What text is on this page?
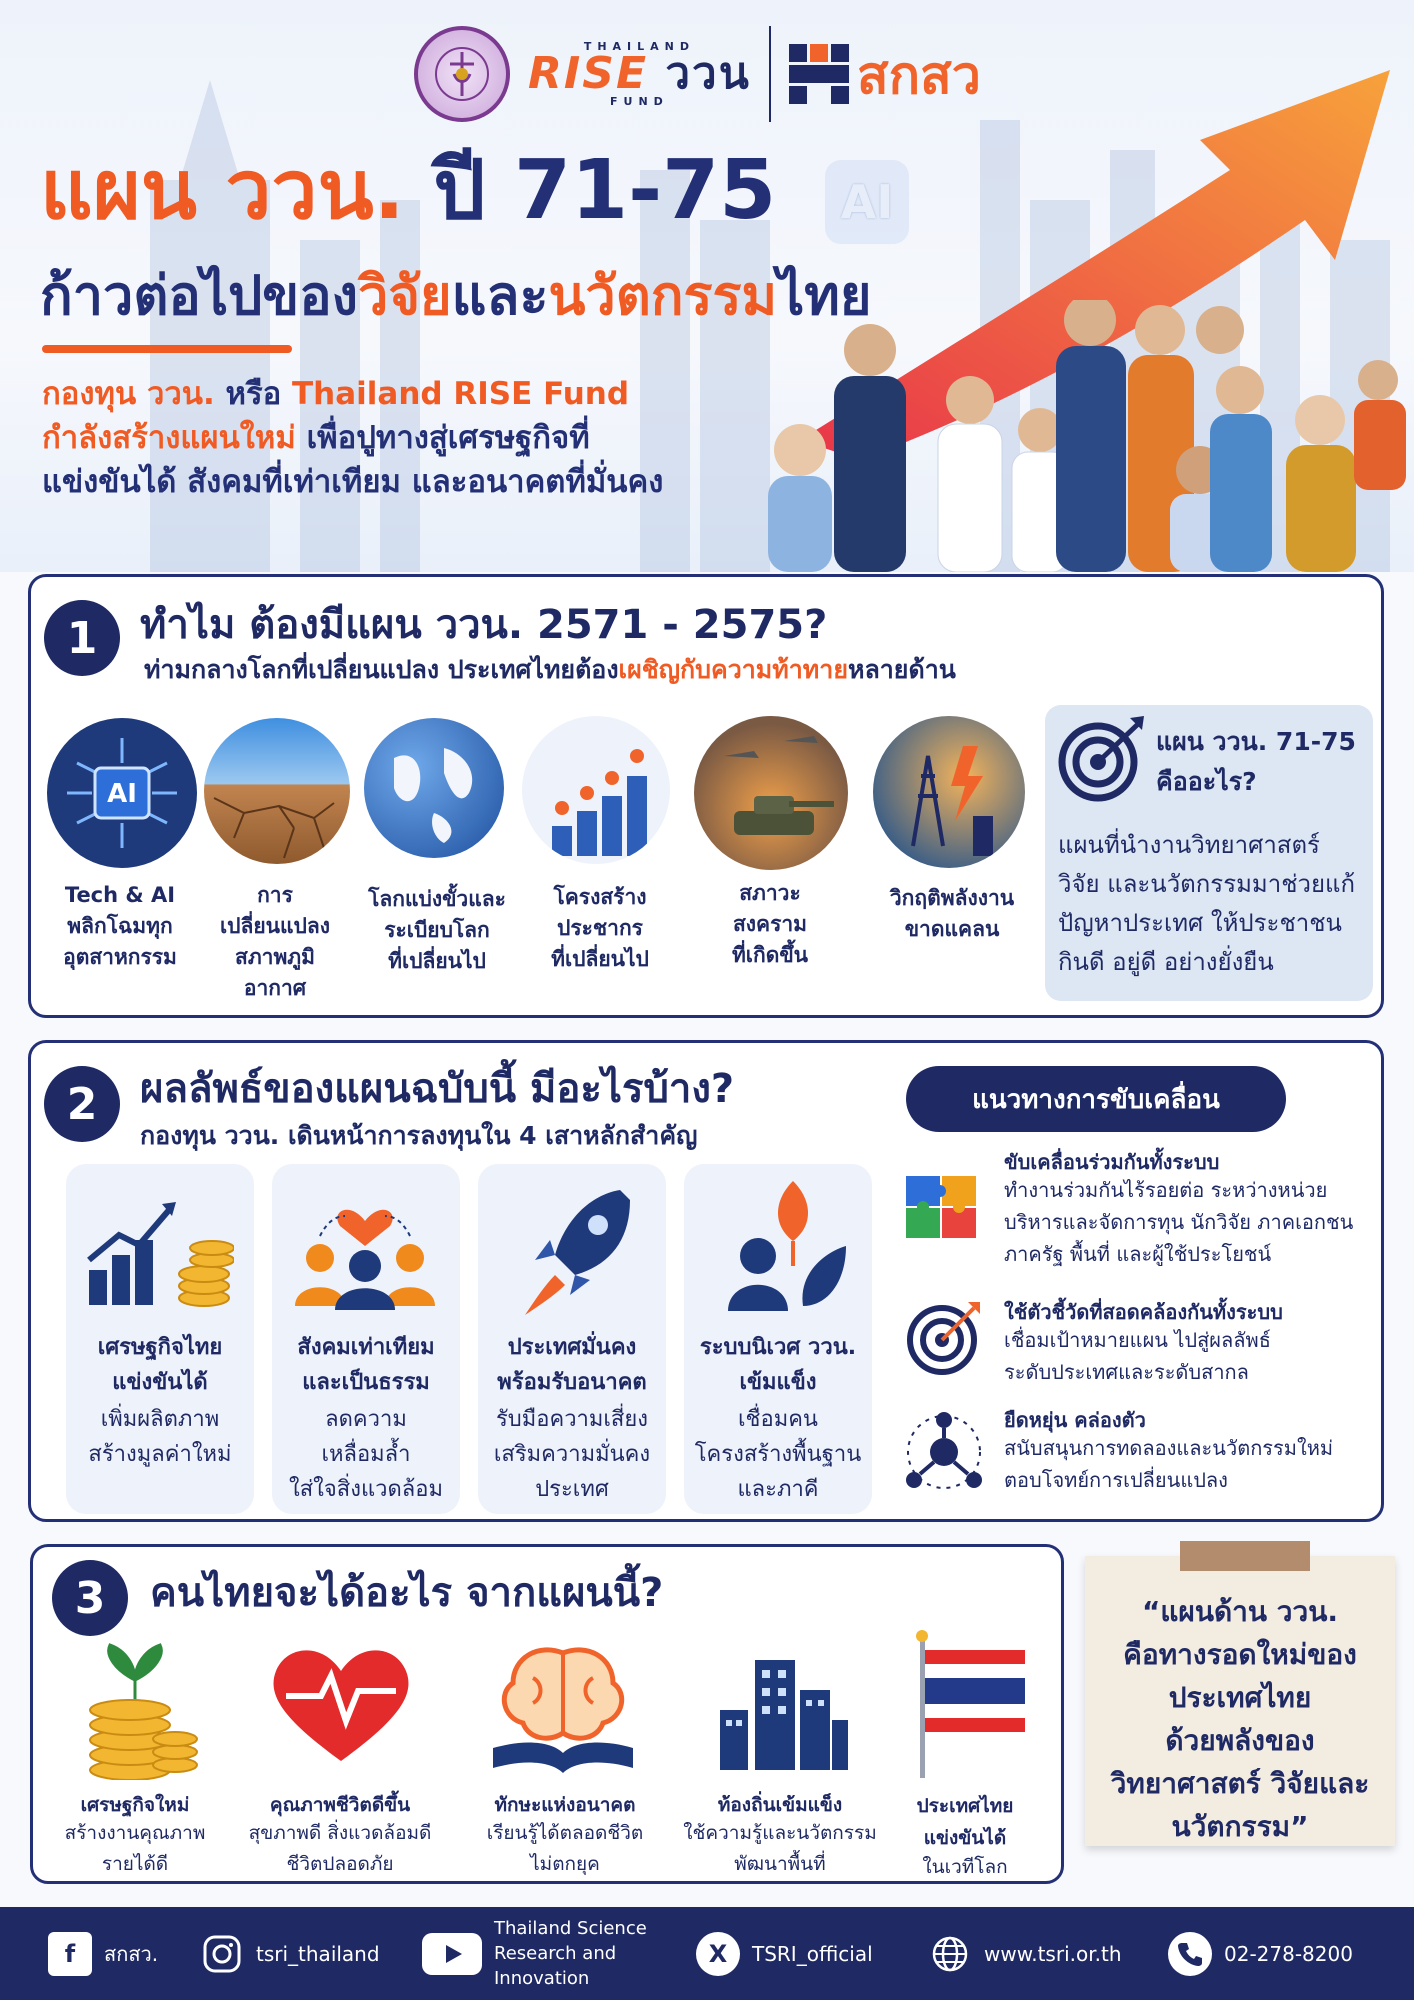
AI
THAILAND
RISE ววน
FUND	สกสว
แผน ววน. ปี 71-75
ก้าวต่อไปของวิจัยและนวัตกรรมไทย
กองทุน ววน. หรือ Thailand RISE Fund
กำลังสร้างแผนใหม่ เพื่อปูทางสู่เศรษฐกิจที่
แข่งขันได้ สังคมที่เท่าเทียม และอนาคตที่มั่นคง
1	ทำไม ต้องมีแผน ววน. 2571 - 2575?
ท่ามกลางโลกที่เปลี่ยนแปลง ประเทศไทยต้องเผชิญกับความท้าทายหลายด้าน
AI
Tech & AI
พลิกโฉมทุก
อุตสาหกรรม
การ
เปลี่ยนแปลง
สภาพภูมิ
อากาศ
โลกแบ่งขั้วและ
ระเบียบโลก
ที่เปลี่ยนไป
โครงสร้าง
ประชากร
ที่เปลี่ยนไป
สภาวะ
สงคราม
ที่เกิดขึ้น
วิกฤติพลังงาน
ขาดแคลน
แผน ววน. 71-75
คืออะไร?
แผนที่นำงานวิทยาศาสตร์
วิจัย และนวัตกรรมมาช่วยแก้
ปัญหาประเทศ ให้ประชาชน
กินดี อยู่ดี อย่างยั่งยืน
2	ผลลัพธ์ของแผนฉบับนี้ มีอะไรบ้าง?
กองทุน ววน. เดินหน้าการลงทุนใน 4 เสาหลักสำคัญ
เศรษฐกิจไทย
แข่งขันได้
เพิ่มผลิตภาพ
สร้างมูลค่าใหม่
สังคมเท่าเทียม
และเป็นธรรม
ลดความ
เหลื่อมล้ำ
ใส่ใจสิ่งแวดล้อม
ประเทศมั่นคง
พร้อมรับอนาคต
รับมือความเสี่ยง
เสริมความมั่นคง
ประเทศ
ระบบนิเวศ ววน.
เข้มแข็ง
เชื่อมคน
โครงสร้างพื้นฐาน
และภาคี
แนวทางการขับเคลื่อน
ขับเคลื่อนร่วมกันทั้งระบบ
ทำงานร่วมกันไร้รอยต่อ ระหว่างหน่วย
บริหารและจัดการทุน นักวิจัย ภาคเอกชน
ภาครัฐ พื้นที่ และผู้ใช้ประโยชน์
ใช้ตัวชี้วัดที่สอดคล้องกันทั้งระบบ
เชื่อมเป้าหมายแผน ไปสู่ผลลัพธ์
ระดับประเทศและระดับสากล
ยืดหยุ่น คล่องตัว
สนับสนุนการทดลองและนวัตกรรมใหม่
ตอบโจทย์การเปลี่ยนแปลง
3	คนไทยจะได้อะไร จากแผนนี้?
เศรษฐกิจใหม่
สร้างงานคุณภาพ
รายได้ดี
คุณภาพชีวิตดีขึ้น
สุขภาพดี สิ่งแวดล้อมดี
ชีวิตปลอดภัย
ทักษะแห่งอนาคต
เรียนรู้ได้ตลอดชีวิต
ไม่ตกยุค
ท้องถิ่นเข้มแข็ง
ใช้ความรู้และนวัตกรรม
พัฒนาพื้นที่
ประเทศไทย
แข่งขันได้
ในเวทีโลก
“แผนด้าน ววน.
คือทางรอดใหม่ของ
ประเทศไทย
ด้วยพลังของ
วิทยาศาสตร์ วิจัยและ
นวัตกรรม”
f	สกสว.	tsri_thailand
Thailand Science
Research and
Innovation
X	TSRI_official	www.tsri.or.th	02-278-8200
